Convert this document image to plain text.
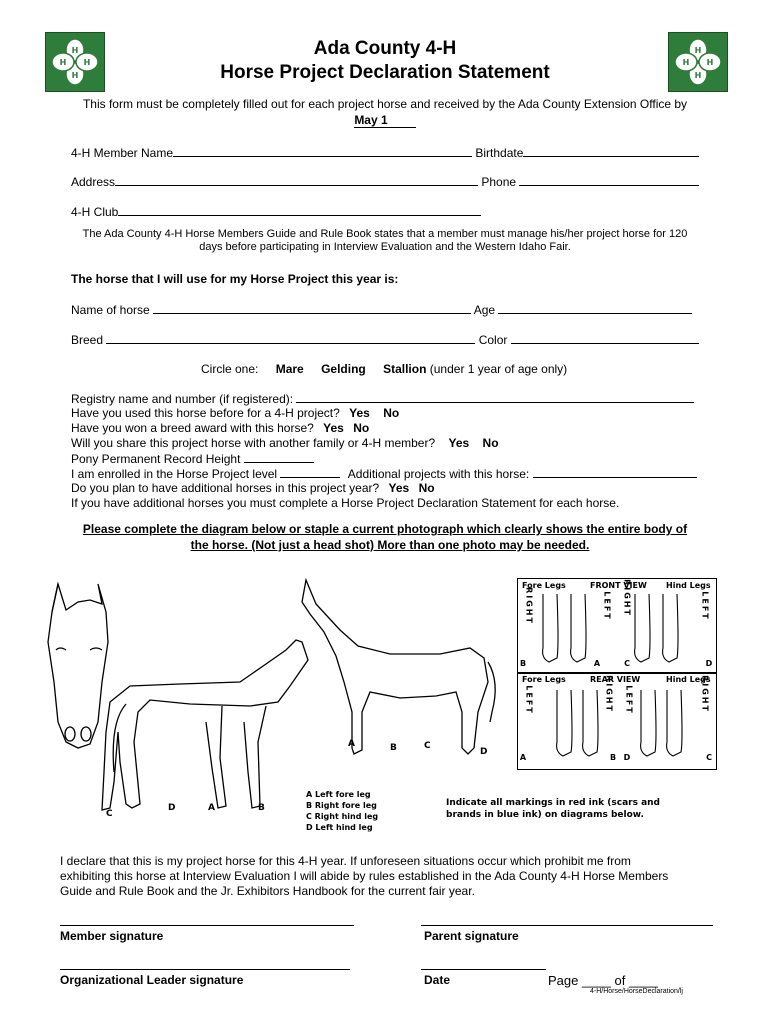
H
H
H H
H
H
H H
Ada County 4-H
Horse Project Declaration Statement
This form must be completely filled out for each project horse and received by the Ada County Extension Office by
May 1
4-H Member Name	Birthdate
Address	Phone
4-H Club
The Ada County 4-H Horse Members Guide and Rule Book states that a member must manage his/her project horse for 120
days before participating in Interview Evaluation and the Western Idaho Fair.
The horse that I will use for my Horse Project this year is:
Name of horse	Age
Breed	Color
Circle one: Mare Gelding Stallion (under 1 year of age only)
Registry name and number (if registered):
Have you used this horse before for a 4-H project? Yes No
Have you won a breed award with this horse? Yes No
Will you share this project horse with another family or 4-H member? Yes No
Pony Permanent Record Height
I am enrolled in the Horse Project level	Additional projects with this horse:
Do you plan to have additional horses in this project year? Yes No
If you have additional horses you must complete a Horse Project Declaration Statement for each horse.
Please complete the diagram below or staple a current photograph which clearly shows the entire body of
the horse. (Not just a head shot) More than one photo may be needed.
A	B	C
D
C
D	A	B
A Left fore leg
B Right fore leg
C Right hind leg
D Left hind leg
Indicate all markings in red ink (scars and
brands in blue ink) on diagrams below.
Fore Legs	FRONT VIEW Hind Legs
Fore Legs	REAR VIEW	Hind Legs
RIGHT	LEFT RIGHT	LEFT
LEFT	RIGHT LEFT	RIGHT
B	A	C	D
A	B D	C
I declare that this is my project horse for this 4-H year. If unforeseen situations occur which prohibit me from
exhibiting this horse at Interview Evaluation I will abide by rules established in the Ada County 4-H Horse Members
Guide and Rule Book and the Jr. Exhibitors Handbook for the current fair year.
Member signature	Parent signature
Organizational Leader signature	Date	Page ____ of ____
4-H/Horse/HorseDeclaration/lj
